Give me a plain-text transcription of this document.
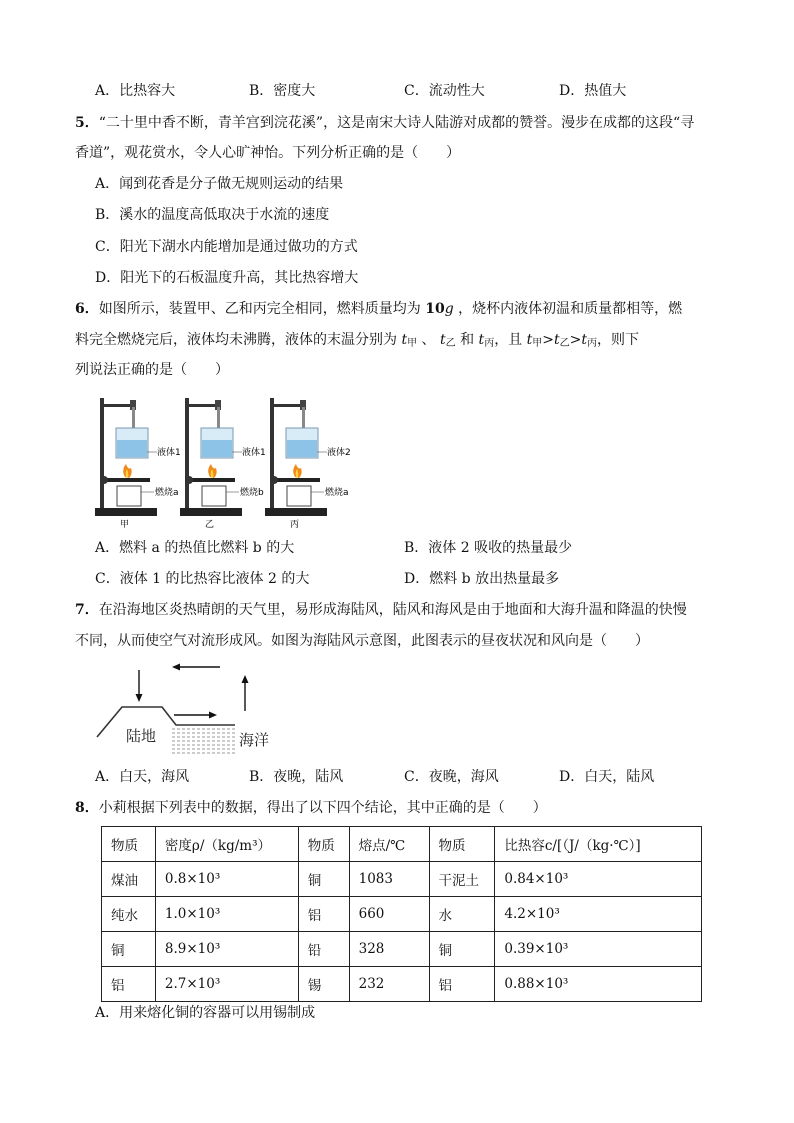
A．比热容大	B．密度大	C．流动性大	D．热值大
5．“二十里中香不断，青羊宫到浣花溪”，这是南宋大诗人陆游对成都的赞誉。漫步在成都的这段“寻
香道”，观花赏水，令人心旷神怡。下列分析正确的是（　　）
A．闻到花香是分子做无规则运动的结果
B．溪水的温度高低取决于水流的速度
C．阳光下湖水内能增加是通过做功的方式
D．阳光下的石板温度升高，其比热容增大
6．如图所示，装置甲、乙和丙完全相同，燃料质量均为 10g ，烧杯内液体初温和质量都相等，燃
料完全燃烧完后，液体均未沸腾，液体的末温分别为 $t_甲$ 、 $t_乙$ 和 $t_丙$，且 $t_甲>t_乙>t_丙$，则下
列说法正确的是（　　）
液体1	液体1	液体2
燃烧a	燃烧b	燃烧a
甲	乙	丙
A．燃料 a 的热值比燃料 b 的大	B．液体 2 吸收的热量最少
C．液体 1 的比热容比液体 2 的大	D．燃料 b 放出热量最多
7．在沿海地区炎热晴朗的天气里，易形成海陆风，陆风和海风是由于地面和大海升温和降温的快慢
不同，从而使空气对流形成风。如图为海陆风示意图，此图表示的昼夜状况和风向是（　　）
陆地	海洋
A．白天，海风	B．夜晚，陆风	C．夜晚，海风	D．白天，陆风
8．小莉根据下列表中的数据，得出了以下四个结论，其中正确的是（　　）
物质	密度ρ/（kg/m³）	物质	熔点/℃	物质	比热容c/[（J/（kg·℃）]
煤油	0.8×10³	铜	1083	干泥土	0.84×10³
纯水	1.0×10³	铝	660	水	4.2×10³
铜	8.9×10³	铅	328	铜	0.39×10³
铝	2.7×10³	锡	232	铝	0.88×10³
A．用来熔化铜的容器可以用锡制成
